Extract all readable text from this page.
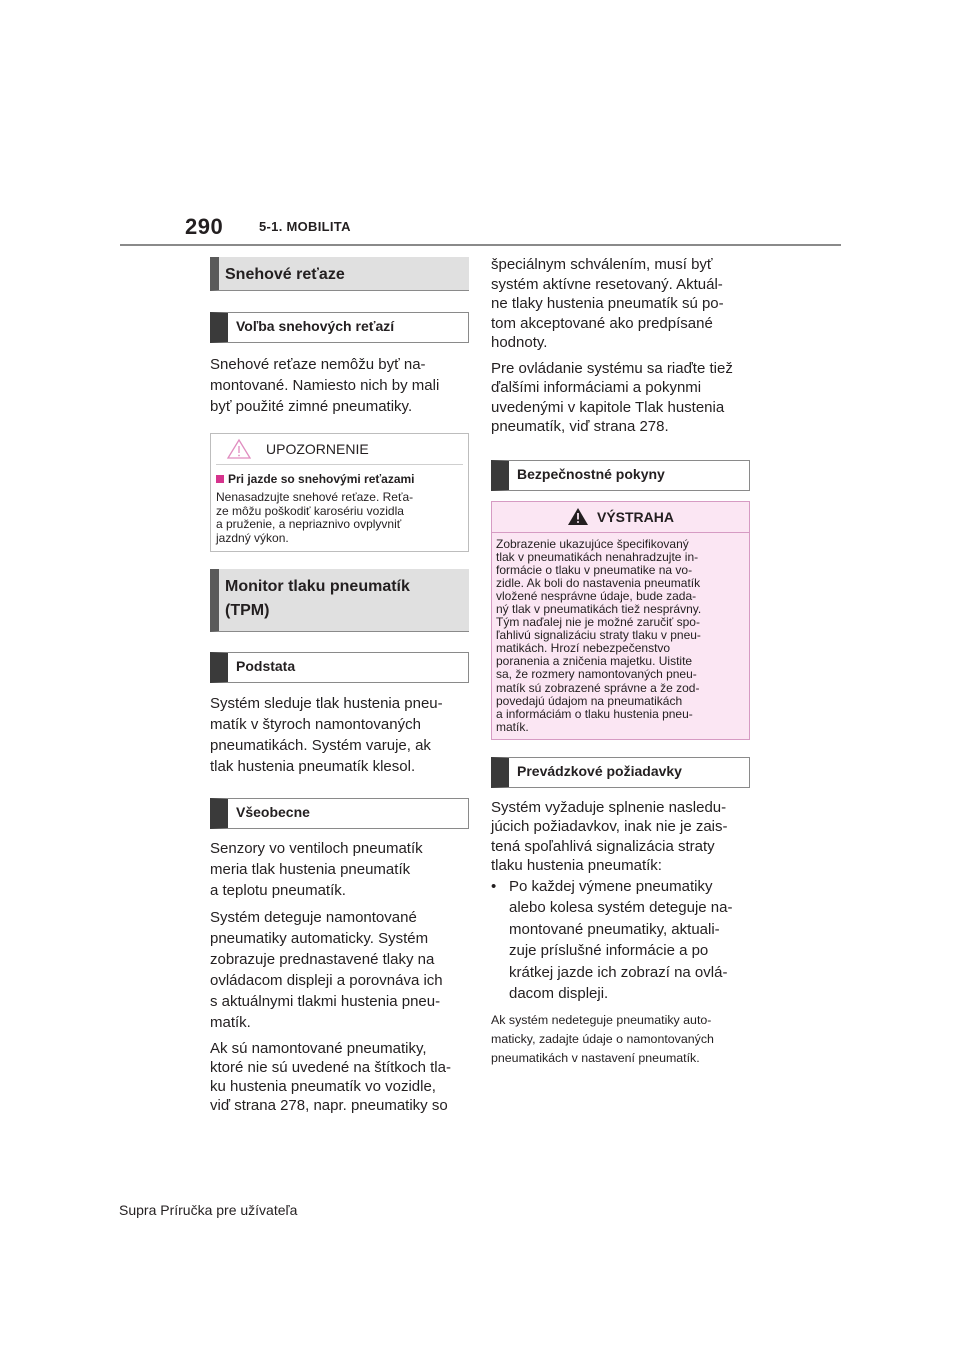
290	5-1. MOBILITA
Snehové reťaze
Voľba snehových reťazí

Snehové reťaze nemôžu byť na-

montované. Namiesto nich by mali

byť použité zimné pneumatiky.

UPOZORNENIE
Pri jazde so snehovými reťazami
Nenasadzujte snehové reťaze. Reťa-
ze môžu poškodiť karosériu vozidla
a pruženie, a nepriaznivo ovplyvniť
jazdný výkon.
Monitor tlaku pneumatík
(TPM)
Podstata

Systém sleduje tlak hustenia pneu-

matík v štyroch namontovaných

pneumatikách. Systém varuje, ak

tlak hustenia pneumatík klesol.

Všeobecne

Senzory vo ventiloch pneumatík

meria tlak hustenia pneumatík

a teplotu pneumatík.

Systém deteguje namontované

pneumatiky automaticky. Systém

zobrazuje prednastavené tlaky na

ovládacom displeji a porovnáva ich

s aktuálnymi tlakmi hustenia pneu-

matík.

Ak sú namontované pneumatiky,

ktoré nie sú uvedené na štítkoch tla-

ku hustenia pneumatík vo vozidle,

viď strana 278, napr. pneumatiky so

špeciálnym schválením, musí byť

systém aktívne resetovaný. Aktuál-

ne tlaky hustenia pneumatík sú po-

tom akceptované ako predpísané

hodnoty.

Pre ovládanie systému sa riaďte tiež

ďalšími informáciami a pokynmi

uvedenými v kapitole Tlak hustenia

pneumatík, viď strana 278.

Bezpečnostné pokyny
VÝSTRAHA
Zobrazenie ukazujúce špecifikovaný
tlak v pneumatikách nenahradzujte in-
formácie o tlaku v pneumatike na vo-
zidle. Ak boli do nastavenia pneumatík
vložené nesprávne údaje, bude zada-
ný tlak v pneumatikách tiež nesprávny.
Tým naďalej nie je možné zaručiť spo-
ľahlivú signalizáciu straty tlaku v pneu-
matikách. Hrozí nebezpečenstvo
poranenia a zničenia majetku. Uistite
sa, že rozmery namontovaných pneu-
matík sú zobrazené správne a že zod-
povedajú údajom na pneumatikách
a informáciám o tlaku hustenia pneu-
matík.
Prevádzkové požiadavky

Systém vyžaduje splnenie nasledu-

júcich požiadavkov, inak nie je zais-

tená spoľahlivá signalizácia straty

tlaku hustenia pneumatík:

• Po každej výmene pneumatiky
alebo kolesa systém deteguje na-
montované pneumatiky, aktuali-
zuje príslušné informácie a po
krátkej jazde ich zobrazí na ovlá-
dacom displeji.

Ak systém nedeteguje pneumatiky auto-

maticky, zadajte údaje o namontovaných

pneumatikách v nastavení pneumatík.

Supra Príručka pre užívateľa
